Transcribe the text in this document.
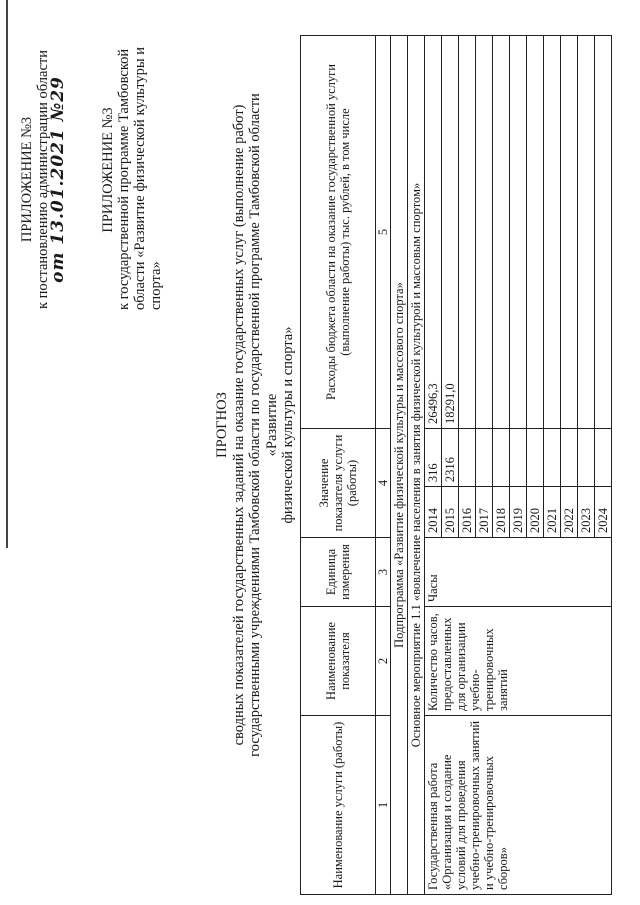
ПРИЛОЖЕНИЕ №3 к постановлению администрации области
от 13.01.2021 №29 ПРИЛОЖЕНИЕ №3 к государственной программе Тамбовской области «Развитие физической культуры и спорта»
ПРОГНОЗ сводных показателей государственных заданий на оказание государственных услуг (выполнение работ) государственными учреждениями Тамбовской области по государственной программе Тамбовской области «Развитие физической культуры и спорта»
Наименование услуги (работы)	Наименование показателя	Единица измерения	Значение показателя услуги (работы)		Расходы бюджета области на оказание государственной услуги (выполнение работы) тыс. рублей, в том числе
1	2	3	4		5
Подпрограмма «Развитие физической культуры и массового спорта»					
Основное мероприятие 1.1 «вовлечение населения в занятия физической культурой и массовым спортом»					
Государственная работа «Организация и создание условий для проведения учебно-тренировочных занятий и учебно-тренировочных сборов»	Количество часов, предоставленных для организации учебно-тренировочных занятий	Часы	2014	316	26496,3
			2015	2316	18291,0
			2016		
			2017		
			2018		
			2019		
			2020		
			2021		
			2022		
			2023		
			2024		
